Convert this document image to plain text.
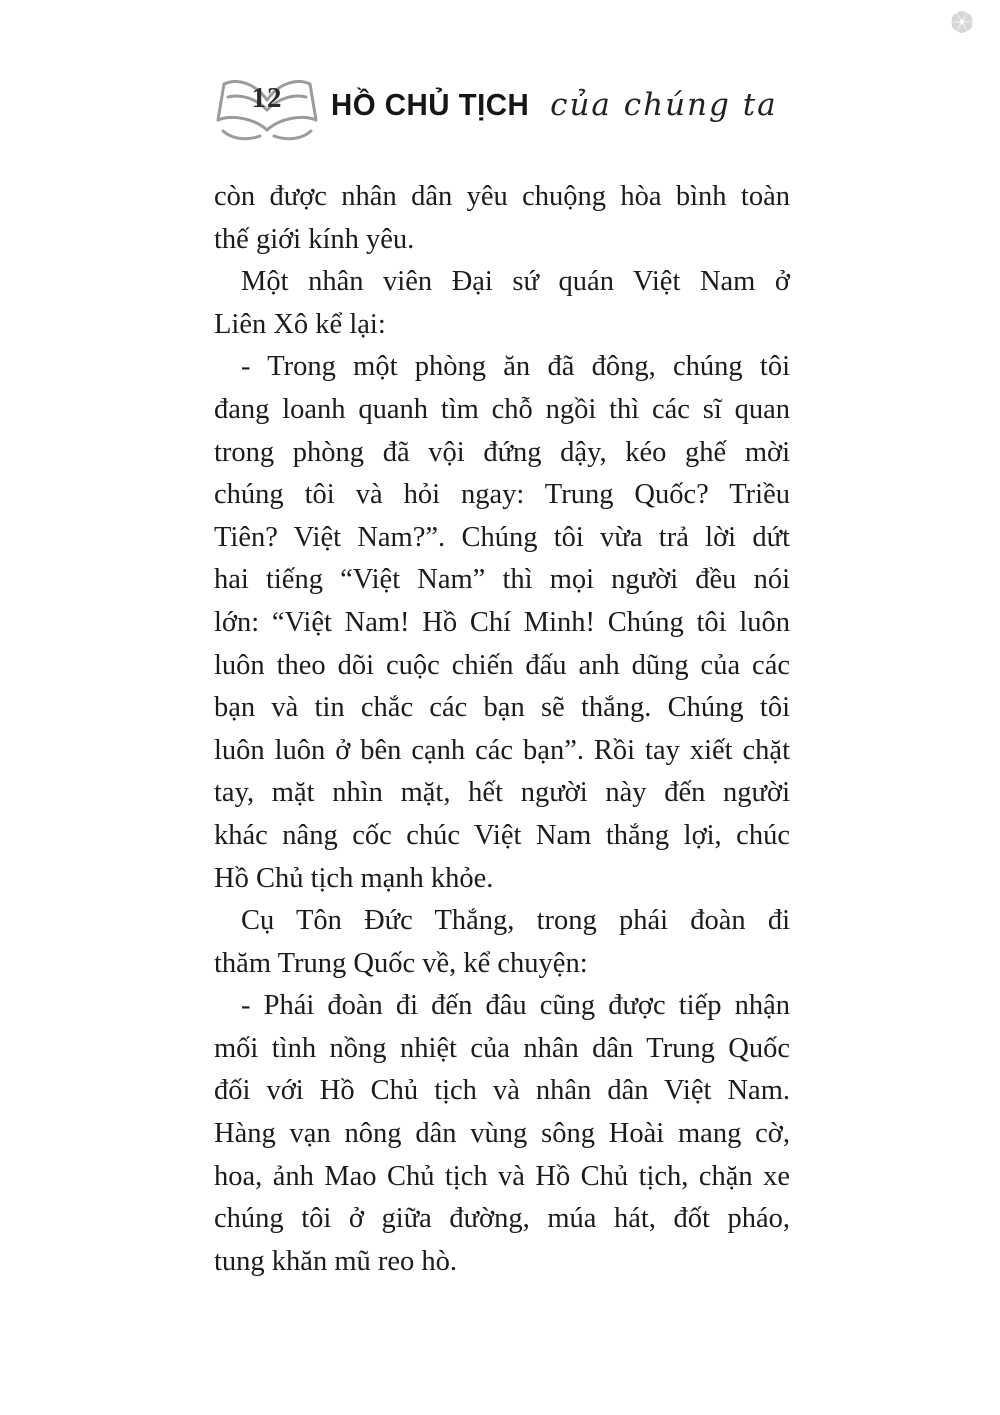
12	HỒ CHỦ TỊCH của chúng ta
còn được nhân dân yêu chuộng hòa bình toàn
thế giới kính yêu.
Một nhân viên Đại sứ quán Việt Nam ở
Liên Xô kể lại:
- Trong một phòng ăn đã đông, chúng tôi
đang loanh quanh tìm chỗ ngồi thì các sĩ quan
trong phòng đã vội đứng dậy, kéo ghế mời
chúng tôi và hỏi ngay: Trung Quốc? Triều
Tiên? Việt Nam?”. Chúng tôi vừa trả lời dứt
hai tiếng “Việt Nam” thì mọi người đều nói
lớn: “Việt Nam! Hồ Chí Minh! Chúng tôi luôn
luôn theo dõi cuộc chiến đấu anh dũng của các
bạn và tin chắc các bạn sẽ thắng. Chúng tôi
luôn luôn ở bên cạnh các bạn”. Rồi tay xiết chặt
tay, mặt nhìn mặt, hết người này đến người
khác nâng cốc chúc Việt Nam thắng lợi, chúc
Hồ Chủ tịch mạnh khỏe.
Cụ Tôn Đức Thắng, trong phái đoàn đi
thăm Trung Quốc về, kể chuyện:
- Phái đoàn đi đến đâu cũng được tiếp nhận
mối tình nồng nhiệt của nhân dân Trung Quốc
đối với Hồ Chủ tịch và nhân dân Việt Nam.
Hàng vạn nông dân vùng sông Hoài mang cờ,
hoa, ảnh Mao Chủ tịch và Hồ Chủ tịch, chặn xe
chúng tôi ở giữa đường, múa hát, đốt pháo,
tung khăn mũ reo hò.
